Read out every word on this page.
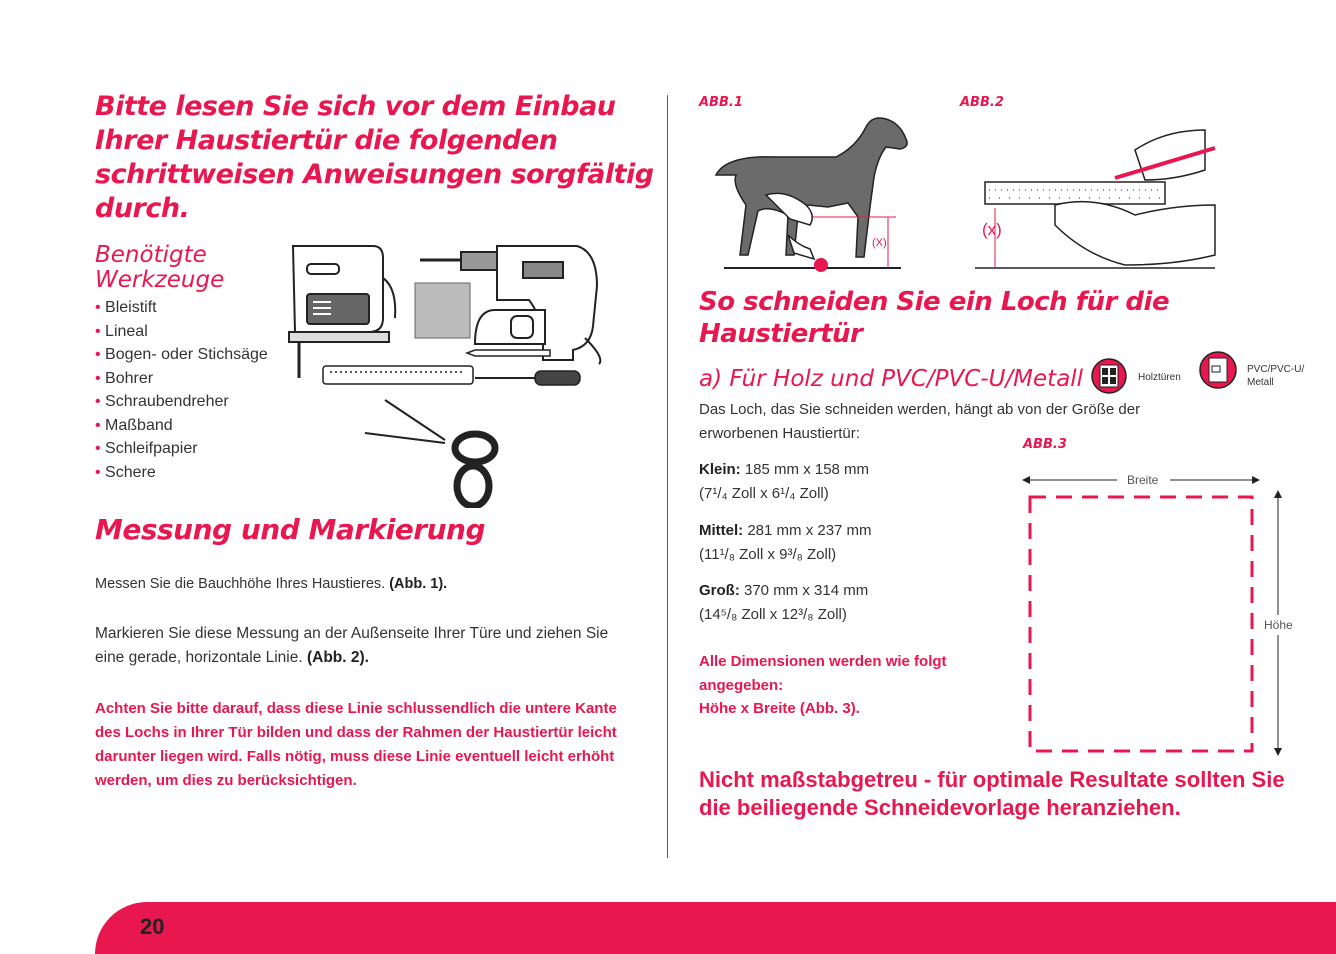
Bitte lesen Sie sich vor dem Einbau Ihrer Haustiertür die folgenden schrittweisen Anweisungen sorgfältig durch.
Benötigte Werkzeuge
• Bleistift
• Lineal
• Bogen- oder Stichsäge
• Bohrer
• Schraubendreher
• Maßband
• Schleifpapier
• Schere
Messung und Markierung

Messen Sie die Bauchhöhe Ihres Haustieres. (Abb. 1).

Markieren Sie diese Messung an der Außenseite Ihrer Türe und ziehen Sie eine gerade, horizontale Linie. (Abb. 2).

Achten Sie bitte darauf, dass diese Linie schlussendlich die untere Kante des Lochs in Ihrer Tür bilden und dass der Rahmen der Haustiertür leicht darunter liegen wird. Falls nötig, muss diese Linie eventuell leicht erhöht werden, um dies zu berücksichtigen.

ABB.1	ABB.2
(X)
(x)
So schneiden Sie ein Loch für die Haustiertür
a) Für Holz und PVC/PVC-U/Metall	Holztüren
PVC/PVC-U/
Metall

Das Loch, das Sie schneiden werden, hängt ab von der Größe der erworbenen Haustiertür:

Klein: 185 mm x 158 mm
(7¹/₄ Zoll x 6¹/₄ Zoll)
Mittel: 281 mm x 237 mm
(11¹/₈ Zoll x 9³/₈ Zoll)
Groß: 370 mm x 314 mm
(14⁵/₈ Zoll x 12³/₈ Zoll)
Alle Dimensionen werden wie folgt angegeben:
Höhe x Breite (Abb. 3).
ABB.3
Breite
Höhe
Nicht maßstabgetreu - für optimale Resultate sollten Sie die beiliegende Schneidevorlage heranziehen.
20
